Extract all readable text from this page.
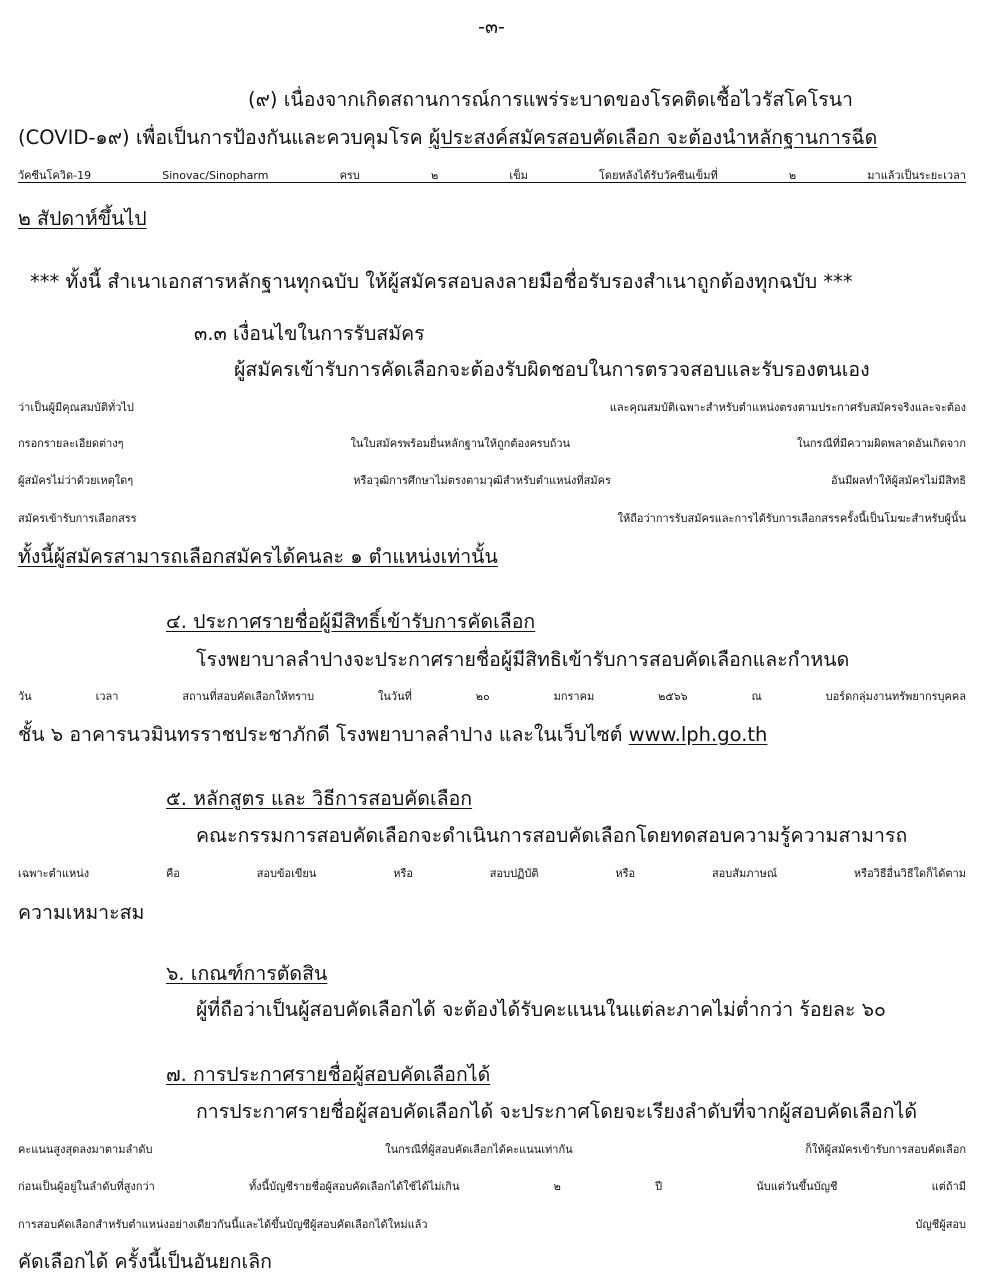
-๓-
(๙) เนื่องจากเกิดสถานการณ์การแพร่ระบาดของโรคติดเชื้อไวรัสโคโรนา
(COVID-๑๙) เพื่อเป็นการป้องกันและควบคุมโรค ผู้ประสงค์สมัครสอบคัดเลือก จะต้องนำหลักฐานการฉีด
วัคซีนโควิด-19 Sinovac/Sinopharm ครบ ๒ เข็ม โดยหลังได้รับวัคซีนเข็มที่ ๒ มาแล้วเป็นระยะเวลา
๒ สัปดาห์ขึ้นไป
*** ทั้งนี้ สำเนาเอกสารหลักฐานทุกฉบับ ให้ผู้สมัครสอบลงลายมือชื่อรับรองสำเนาถูกต้องทุกฉบับ ***
๓.๓ เงื่อนไขในการรับสมัคร
ผู้สมัครเข้ารับการคัดเลือกจะต้องรับผิดชอบในการตรวจสอบและรับรองตนเอง
ว่าเป็นผู้มีคุณสมบัติทั่วไป และคุณสมบัติเฉพาะสำหรับตำแหน่งตรงตามประกาศรับสมัครจริงและจะต้อง
กรอกรายละเอียดต่างๆ ในใบสมัครพร้อมยื่นหลักฐานให้ถูกต้องครบถ้วน ในกรณีที่มีความผิดพลาดอันเกิดจาก
ผู้สมัครไม่ว่าด้วยเหตุใดๆ หรือวุฒิการศึกษาไม่ตรงตามวุฒิสำหรับตำแหน่งที่สมัคร อันมีผลทำให้ผู้สมัครไม่มีสิทธิ
สมัครเข้ารับการเลือกสรร ให้ถือว่าการรับสมัครและการได้รับการเลือกสรรครั้งนี้เป็นโมฆะสำหรับผู้นั้น
ทั้งนี้ผู้สมัครสามารถเลือกสมัครได้คนละ ๑ ตำแหน่งเท่านั้น
๔. ประกาศรายชื่อผู้มีสิทธิ์เข้ารับการคัดเลือก
โรงพยาบาลลำปางจะประกาศรายชื่อผู้มีสิทธิเข้ารับการสอบคัดเลือกและกำหนด
วัน เวลา สถานที่สอบคัดเลือกให้ทราบ ในวันที่ ๒๐ มกราคม ๒๕๖๖ ณ บอร์ดกลุ่มงานทรัพยากรบุคคล
ชั้น ๖ อาคารนวมินทรราชประชาภักดี โรงพยาบาลลำปาง และในเว็บไซต์ www.lph.go.th
๕. หลักสูตร และ วิธีการสอบคัดเลือก
คณะกรรมการสอบคัดเลือกจะดำเนินการสอบคัดเลือกโดยทดสอบความรู้ความสามารถ
เฉพาะตำแหน่ง คือ สอบข้อเขียน หรือ สอบปฏิบัติ หรือ สอบสัมภาษณ์ หรือวิธีอื่นวิธีใดก็ได้ตาม
ความเหมาะสม
๖. เกณฑ์การตัดสิน
ผู้ที่ถือว่าเป็นผู้สอบคัดเลือกได้ จะต้องได้รับคะแนนในแต่ละภาคไม่ต่ำกว่า ร้อยละ ๖๐
๗. การประกาศรายชื่อผู้สอบคัดเลือกได้
การประกาศรายชื่อผู้สอบคัดเลือกได้ จะประกาศโดยจะเรียงลำดับที่จากผู้สอบคัดเลือกได้
คะแนนสูงสุดลงมาตามลำดับ ในกรณีที่ผู้สอบคัดเลือกได้คะแนนเท่ากัน ก็ให้ผู้สมัครเข้ารับการสอบคัดเลือก
ก่อนเป็นผู้อยู่ในลำดับที่สูงกว่า ทั้งนี้บัญชีรายชื่อผู้สอบคัดเลือกได้ใช้ได้ไม่เกิน ๒ ปี นับแต่วันขึ้นบัญชี แต่ถ้ามี
การสอบคัดเลือกสำหรับตำแหน่งอย่างเดียวกันนี้และได้ขึ้นบัญชีผู้สอบคัดเลือกได้ใหม่แล้ว บัญชีผู้สอบ
คัดเลือกได้ ครั้งนี้เป็นอันยกเลิก
